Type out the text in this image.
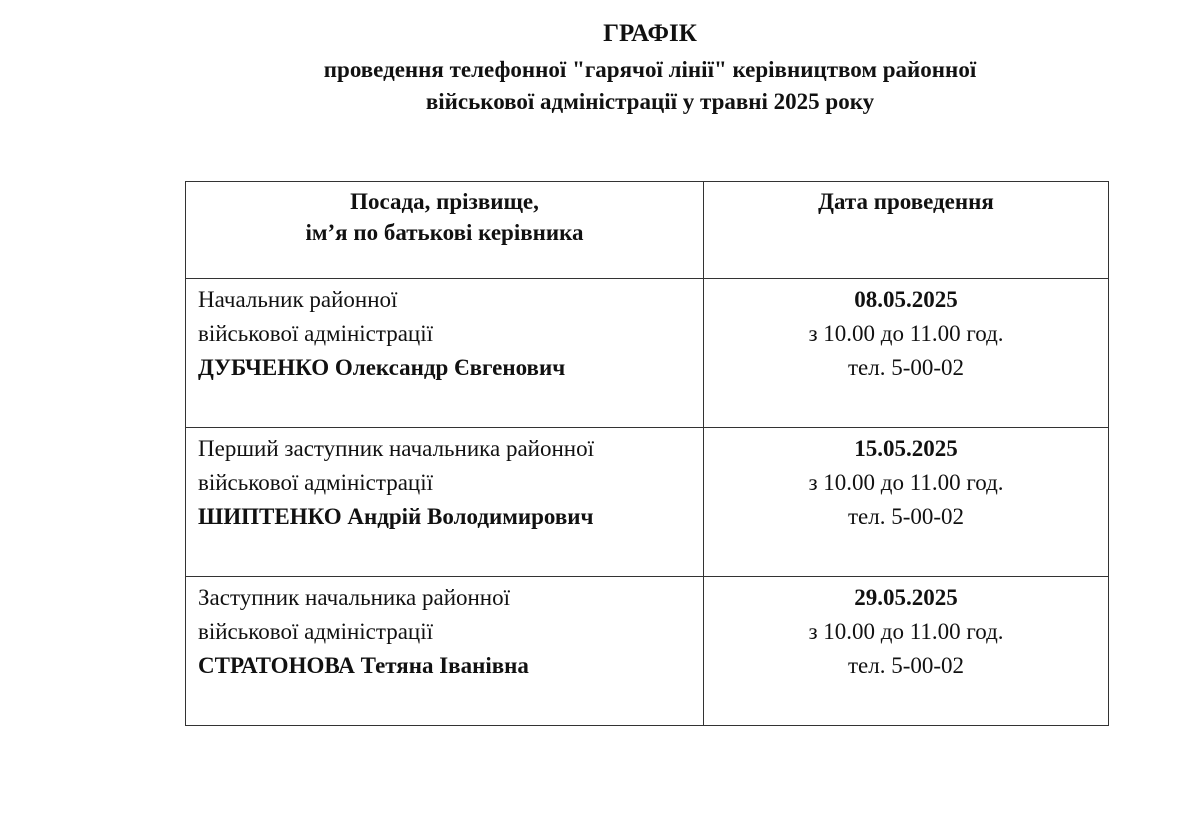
ГРАФІК
проведення телефонної "гарячої лінії" керівництвом районної
військової адміністрації у травні 2025 року
Посада, прізвище,
ім’я по батькові керівника	Дата проведення

Начальник районної
військової адміністрації
ДУБЧЕНКО Олександр Євгенович	08.05.2025
з 10.00 до 11.00 год.
тел. 5-00-02

Перший заступник начальника районної
військової адміністрації
ШИПТЕНКО Андрій Володимирович	15.05.2025
з 10.00 до 11.00 год.
тел. 5-00-02

Заступник начальника районної
військової адміністрації
СТРАТОНОВА Тетяна Іванівна	29.05.2025
з 10.00 до 11.00 год.
тел. 5-00-02
